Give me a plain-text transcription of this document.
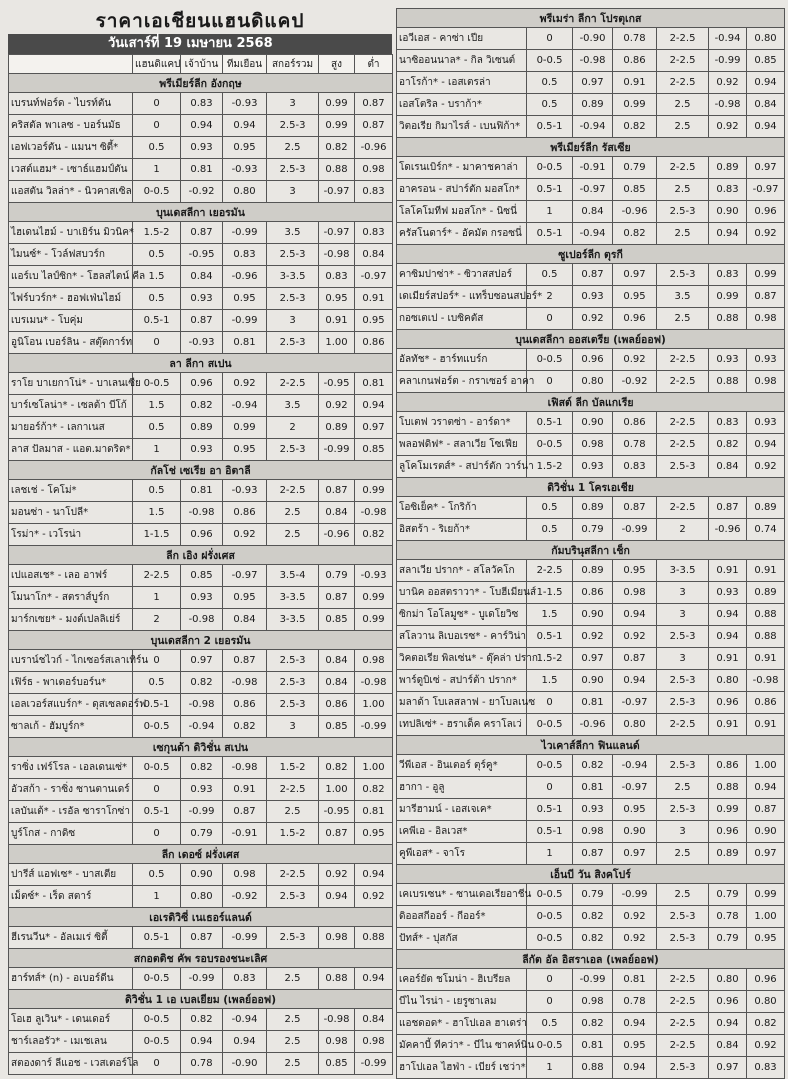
ราคาเอเชียนแฮนดิแคป
วันเสาร์ที่ 19 เมษายน 2568
	แฮนดิแคป	เจ้าบ้าน	ทีมเยือน	สกอร์รวม	สูง	ต่ำ
พรีเมียร์ลีก อังกฤษ						
เบรนท์ฟอร์ด - ไบรท์ตัน	0	0.83	-0.93	3	0.99	0.87
คริสตัล พาเลซ - บอร์นมัธ	0	0.94	0.94	2.5-3	0.99	0.87
เอฟเวอร์ตัน - แมนฯ ซิตี้*	0.5	0.93	0.95	2.5	0.82	-0.96
เวสต์แฮม* - เซาธ์แฮมป์ตัน	1	0.81	-0.93	2.5-3	0.88	0.98
แอสตัน วิลล่า* - นิวคาสเซิล	0-0.5	-0.92	0.80	3	-0.97	0.83
บุนเดสลีกา เยอรมัน						
ไฮเดนไฮม์ - บาเยิร์น มิวนิค*	1.5-2	0.87	-0.99	3.5	-0.97	0.83
ไมนซ์* - โวล์ฟสบวร์ก	0.5	-0.95	0.83	2.5-3	-0.98	0.84
แอร์เบ ไลป์ซิก* - โฮลสไตน์ คีล	1.5	0.84	-0.96	3-3.5	0.83	-0.97
ไฟร์บวร์ก* - ฮอฟเฟ่นไฮม์	0.5	0.93	0.95	2.5-3	0.95	0.91
เบรเมน* - โบคุ่ม	0.5-1	0.87	-0.99	3	0.91	0.95
อูนิโอน เบอร์ลิน - สตุ๊ตการ์ท	0	-0.93	0.81	2.5-3	1.00	0.86
ลา ลีกา สเปน						
ราโย บาเยกาโน่* - บาเลนเซีย	0-0.5	0.96	0.92	2-2.5	-0.95	0.81
บาร์เซโลน่า* - เซลต้า บีโก้	1.5	0.82	-0.94	3.5	0.92	0.94
มายอร์ก้า* - เลกาเนส	0.5	0.89	0.99	2	0.89	0.97
ลาส ปัลมาส - แอต.มาดริด*	1	0.93	0.95	2.5-3	-0.99	0.85
กัลโช่ เซเรีย อา อิตาลี						
เลชเช่ - โคโม่*	0.5	0.81	-0.93	2-2.5	0.87	0.99
มอนซ่า - นาโปลี*	1.5	-0.98	0.86	2.5	0.84	-0.98
โรม่า* - เวโรน่า	1-1.5	0.96	0.92	2.5	-0.96	0.82
ลีก เอิง ฝรั่งเศส						
เปแอสเช* - เลอ อาฟร์	2-2.5	0.85	-0.97	3.5-4	0.79	-0.93
โมนาโก* - สตราส์บูร์ก	1	0.93	0.95	3-3.5	0.87	0.99
มาร์กเซย* - มงต์เปลลิเย่ร์	2	-0.98	0.84	3-3.5	0.85	0.99
บุนเดสลีกา 2 เยอรมัน						
เบราน์ชไวก์ - ไกเซอร์สเลาเทิร์น	0	0.97	0.87	2.5-3	0.84	0.98
เฟิร์ธ - พาเดอร์บอร์น*	0.5	0.82	-0.98	2.5-3	0.84	-0.98
เอลเวอร์สแบร์ก* - ดุสเซลดอร์ฟ	0.5-1	-0.98	0.86	2.5-3	0.86	1.00
ซาลเก้ - ฮัมบูร์ก*	0-0.5	-0.94	0.82	3	0.85	-0.99
เซกุนด้า ดิวิชั่น สเปน						
ราซิ่ง เฟร์โรล - เอลเดนเซ่*	0-0.5	0.82	-0.98	1.5-2	0.82	1.00
อัวสก้า - ราซิ่ง ซานตานเดร์	0	0.93	0.91	2-2.5	1.00	0.82
เลบันเต้* - เรอัล ซาราโกซ่า	0.5-1	-0.99	0.87	2.5	-0.95	0.81
บูร์โกส - กาดิซ	0	0.79	-0.91	1.5-2	0.87	0.95
ลีก เดอซ์ ฝรั่งเศส						
ปารีส์ แอฟเซ* - บาสเตีย	0.5	0.90	0.98	2-2.5	0.92	0.94
เม็ตซ์* - เร็ด สตาร์	1	0.80	-0.92	2.5-3	0.94	0.92
เอเรดิวิซี่ เนเธอร์แลนด์						
ฮีเรนวีน* - อัลเมเร่ ซิตี้	0.5-1	0.87	-0.99	2.5-3	0.98	0.88
สกอตติช คัพ รอบรองชนะเลิศ						
ฮาร์ทส์* (n) - อเบอร์ดีน	0-0.5	-0.99	0.83	2.5	0.88	0.94
ดิวิชั่น 1 เอ เบลเยียม (เพลย์ออฟ)						
โอเฮ ลูเวิน* - เดนเดอร์	0-0.5	0.82	-0.94	2.5	-0.98	0.84
ชาร์เลอรัว* - เมเชเลน	0-0.5	0.94	0.94	2.5	0.98	0.98
สตองดาร์ ลีแอช - เวสเตอร์โล	0	0.78	-0.90	2.5	0.85	-0.99
พรีเมร่า ลีกา โปรตุเกส						
เอวีเอส - คาซ่า เปีย	0	-0.90	0.78	2-2.5	-0.94	0.80
นาซิออนนาล* - กิล วิเซนต์	0-0.5	-0.98	0.86	2-2.5	-0.99	0.85
อาโรก้า* - เอสเตรล่า	0.5	0.97	0.91	2-2.5	0.92	0.94
เอสโตริล - บราก้า*	0.5	0.89	0.99	2.5	-0.98	0.84
วิตอเรีย กิมาไรส์ - เบนฟิก้า*	0.5-1	-0.94	0.82	2.5	0.92	0.94
พรีเมียร์ลีก รัสเซีย						
โดเรนเบิร์ก* - มาคาชคาล่า	0-0.5	-0.91	0.79	2-2.5	0.89	0.97
อาครอน - สปาร์ตัก มอสโก*	0.5-1	-0.97	0.85	2.5	0.83	-0.97
โลโคโมทีฟ มอสโก* - นิซนี่	1	0.84	-0.96	2.5-3	0.90	0.96
ครัสโนดาร์* - อัคมัต กรอซนี่	0.5-1	-0.94	0.82	2.5	0.94	0.92
ซูเปอร์ลีก ตุรกี						
คาซิมปาซ่า* - ซิวาสสปอร์	0.5	0.87	0.97	2.5-3	0.83	0.99
เดเมียร์สปอร์* - แทร็บซอนสปอร์*	2	0.93	0.95	3.5	0.99	0.87
กอซเตเป - เบซิคตัส	0	0.92	0.96	2.5	0.88	0.98
บุนเดสลีกา ออสเตรีย (เพลย์ออฟ)						
อัลทัช* - ฮาร์ทแบร์ก	0-0.5	0.96	0.92	2-2.5	0.93	0.93
คลาเกนฟอร์ต - กราเซอร์ อาคา	0	0.80	-0.92	2-2.5	0.88	0.98
เฟิสต์ ลีก บัลแกเรีย						
โบเตฟ วราตซ่า - อาร์ดา*	0.5-1	0.90	0.86	2-2.5	0.83	0.93
พลอฟดิฟ* - สลาเวีย โซเฟีย	0-0.5	0.98	0.78	2-2.5	0.82	0.94
ลูโคโมเรตส์* - สปาร์ตัก วาร์น่า	1.5-2	0.93	0.83	2.5-3	0.84	0.92
ดิวิชั่น 1 โครเอเชีย						
โอซิเย็ค* - โกริก้า	0.5	0.89	0.87	2-2.5	0.87	0.89
อิสตร้า - ริเยก้า*	0.5	0.79	-0.99	2	-0.96	0.74
กัมบรินุสลีกา เช็ก						
สลาเวีย ปราก* - สโลวัคโก	2-2.5	0.89	0.95	3-3.5	0.91	0.91
บานิค ออสตราวา* - โบฮีเมียนส์	1-1.5	0.86	0.98	3	0.93	0.89
ซิกม่า โอโลมูซ* - บูเดโยวิซ	1.5	0.90	0.94	3	0.94	0.88
สโลวาน ลิเบอเรซ* - คาร์วิน่า	0.5-1	0.92	0.92	2.5-3	0.94	0.88
วิคตอเรีย พิลเซ่น* - ดุ๊คล่า ปราก	1.5-2	0.97	0.87	3	0.91	0.91
พาร์ดูบิเซ่ - สปาร์ต้า ปราก*	1.5	0.90	0.94	2.5-3	0.80	-0.98
มลาด้า โบเลสลาฟ - ยาโบลเนซ	0	0.81	-0.97	2.5-3	0.96	0.86
เทปลิเซ่* - ฮราเด็ค คราโลเว่	0-0.5	-0.96	0.80	2-2.5	0.91	0.91
ไวเคาส์ลีกา ฟินแลนด์						
วีพีเอส - อินเตอร์ ตุร์คู*	0-0.5	0.82	-0.94	2.5-3	0.86	1.00
ฮากา - อูลู	0	0.81	-0.97	2.5	0.88	0.94
มารีฮามน์ - เอสเจเค*	0.5-1	0.93	0.95	2.5-3	0.99	0.87
เคพีเอ - อิลเวส*	0.5-1	0.98	0.90	3	0.96	0.90
คูพีเอส* - จาโร	1	0.87	0.97	2.5	0.89	0.97
เอ็นบี วัน สิงคโปร์						
เคเบรเซน* - ซานเดอเรียอาชีน	0-0.5	0.79	-0.99	2.5	0.79	0.99
ดิออสกีออร์ - กีออร์*	0-0.5	0.82	0.92	2.5-3	0.78	1.00
ปัทส์* - ปุสกัส	0-0.5	0.82	0.92	2.5-3	0.79	0.95
ลีกัต อัล อิสราเอล (เพลย์ออฟ)						
เคอร์ยัต ชโมน่า - ฮิเบรียล	0	-0.99	0.81	2-2.5	0.80	0.96
บีไน ไรน่า - เยรูซาเลม	0	0.98	0.78	2-2.5	0.96	0.80
แอชดอด* - ฮาโปเอล ฮาเดร่า	0.5	0.82	0.94	2-2.5	0.94	0.82
มัคคาบี้ ทีคว่า* - บีไน ซาคห์นิน	0-0.5	0.81	0.95	2-2.5	0.84	0.92
ฮาโปเอล ไฮฟ่า - เบียร์ เชว่า*	1	0.88	0.94	2.5-3	0.97	0.83
